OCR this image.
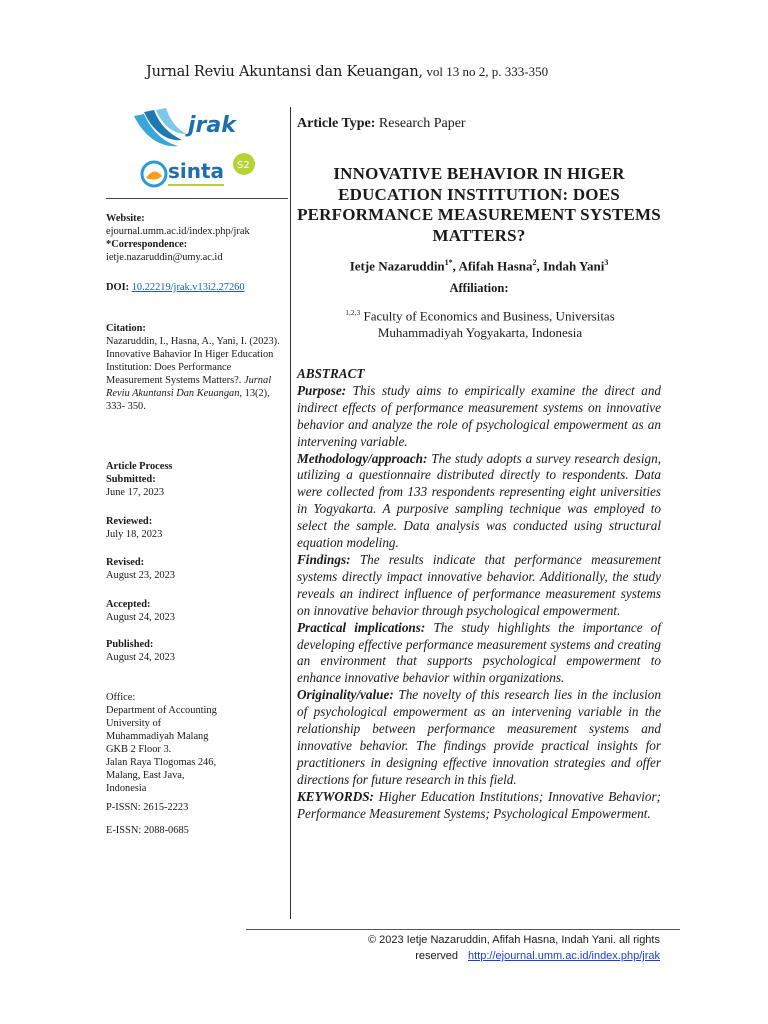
Jurnal Reviu Akuntansi dan Keuangan, vol 13 no 2, p. 333-350
jrak
sinta S2
Website:
ejournal.umm.ac.id/index.php/jrak
*Correspondence:
ietje.nazaruddin@umy.ac.id
DOI: 10.22219/jrak.v13i2.27260
Citation:
Nazaruddin, I., Hasna, A., Yani, I. (2023). Innovative Bahavior In Higer Education Institution: Does Performance Measurement Systems Matters?. Jurnal Reviu Akuntansi Dan Keuangan, 13(2), 333- 350.
Article Process
Submitted:
June 17, 2023
Reviewed:
July 18, 2023
Revised:
August 23, 2023
Accepted:
August 24, 2023
Published:
August 24, 2023
Office:
Department of Accounting
University of
Muhammadiyah Malang
GKB 2 Floor 3.
Jalan Raya Tlogomas 246,
Malang, East Java,
Indonesia
P-ISSN: 2615-2223
E-ISSN: 2088-0685
Article Type: Research Paper
INNOVATIVE BEHAVIOR IN HIGER EDUCATION INSTITUTION: DOES PERFORMANCE MEASUREMENT SYSTEMS MATTERS?
Ietje Nazaruddin$^{1*}$, Afifah Hasna$^2$, Indah Yani$^3$
Affiliation:
$^{1,2,3}$ Faculty of Economics and Business, Universitas Muhammadiyah Yogyakarta, Indonesia

ABSTRACT

Purpose: This study aims to empirically examine the direct and indirect effects of performance measurement systems on innovative behavior and analyze the role of psychological empowerment as an intervening variable.

Methodology/approach: The study adopts a survey research design, utilizing a questionnaire distributed directly to respondents. Data were collected from 133 respondents representing eight universities in Yogyakarta. A purposive sampling technique was employed to select the sample. Data analysis was conducted using structural equation modeling.

Findings: The results indicate that performance measurement systems directly impact innovative behavior. Additionally, the study reveals an indirect influence of performance measurement systems on innovative behavior through psychological empowerment.

Practical implications: The study highlights the importance of developing effective performance measurement systems and creating an environment that supports psychological empowerment to enhance innovative behavior within organizations.

Originality/value: The novelty of this research lies in the inclusion of psychological empowerment as an intervening variable in the relationship between performance measurement systems and innovative behavior. The findings provide practical insights for practitioners in designing effective innovation strategies and offer directions for future research in this field.

KEYWORDS: Higher Education Institutions; Innovative Behavior; Performance Measurement Systems; Psychological Empowerment.

© 2023 Ietje Nazaruddin, Afifah Hasna, Indah Yani. all rights reserved http://ejournal.umm.ac.id/index.php/jrak
